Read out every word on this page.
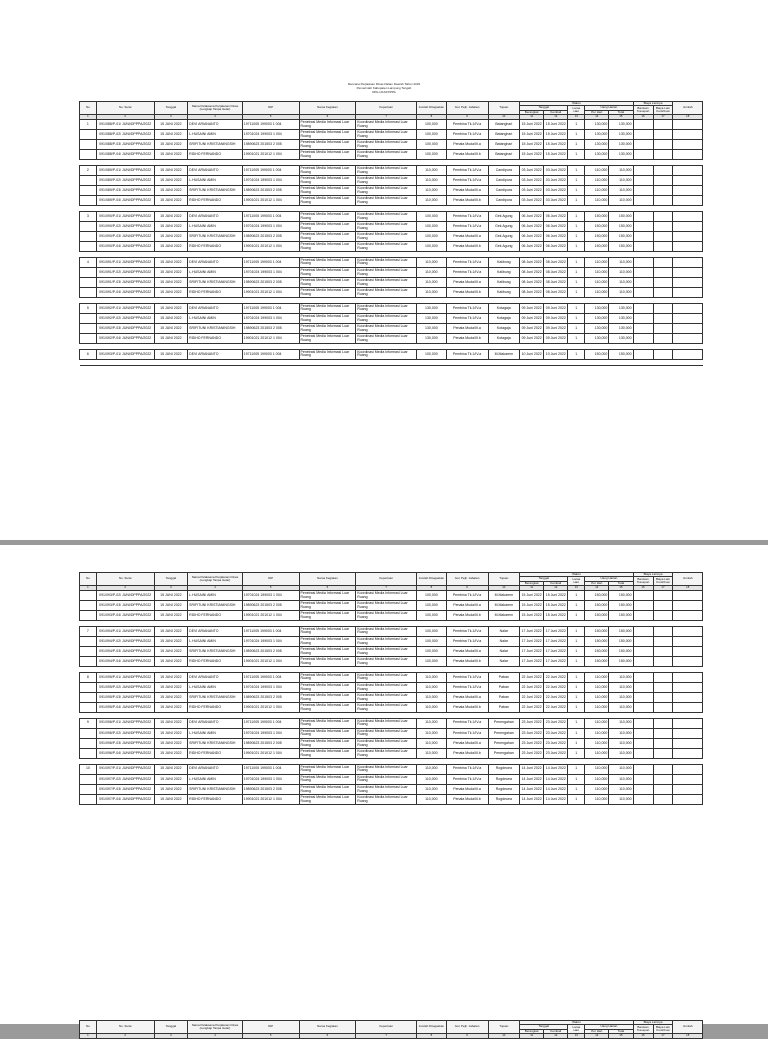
Rencana Perjalanan Dinas Dalam Daerah Tahun 2022
Pemerintah Kabupaten Lampung Tengah
DPA-1/KAPJ/PPA
No	No. Surat	Tanggal	Nama Pelaksana Perjalanan Dinas (Lengkap Tanpa Gelar)	NIP	Nama Kegiatan	Keperluan	Jumlah Ditugaskan	Gol. Pejb. Jabatan	Tujuan	Waktu					Biaya Lainnya		Jumlah
										Tanggal		Lama Hari	Uang Harian		Bantuan Transport	Biaya Lain Kontribusi	
										Berangkat	Kembali		Per Hari	Total			
1	2	3	4	5	6	7	8	9	10	11	12	13	14	15	16	17	18
1	091/088/P-01/ JUNI/DPPPA/2022	15 JUNI 2022	DEVI ARIANANTO	19711005 199003 1 004	Penetrasi Media Informasi Luar Ruang	Koordinasi Media Informasi Luar Ruang	100,000	Pembina Tk.1/IV.a	Batanghari	15 Juni 2022	15 Juni 2022	1	130,000	130,000			
	091/088/P-02/ JUNI/DPPPA/2022	15 JUNI 2022	L.HUSAINI AMIN	19701024 199003 1 004	Penetrasi Media Informasi Luar Ruang	Koordinasi Media Informasi Luar Ruang	100,000	Pembina Tk.1/IV.a	Batanghari	15 Juni 2022	15 Juni 2022	1	130,000	130,000			
	091/088/P-03/ JUNI/DPPPA/2022	15 JUNI 2022	SRIFITUNI KRISTIANINGSIH	19890623 201503 2 005	Penetrasi Media Informasi Luar Ruang	Koordinasi Media Informasi Luar Ruang	100,000	Penata Muda/III.a	Batanghari	15 Juni 2022	15 Juni 2022	1	130,000	130,000			
	091/088/P-04/ JUNI/DPPPA/2022	15 JUNI 2022	RIDHO FERNANDO	19901021 201012 1 004	Penetrasi Media Informasi Luar Ruang	Koordinasi Media Informasi Luar Ruang	100,000	Penata Muda/III.b	Batanghari	15 Juni 2022	15 Juni 2022	1	130,000	130,000			

2	091/089/P-01/ JUNI/DPPPA/2022	15 JUNI 2022	DEVI ARIANANTO	19711005 199003 1 004	Penetrasi Media Informasi Luar Ruang	Koordinasi Media Informasi Luar Ruang	110,000	Pembina Tk.1/IV.a	Candipura	03 Juni 2022	03 Juni 2022	1	110,000	110,000			
	091/089/P-02/ JUNI/DPPPA/2022	15 JUNI 2022	L.HUSAINI AMIN	19701024 199003 1 004	Penetrasi Media Informasi Luar Ruang	Koordinasi Media Informasi Luar Ruang	110,000	Pembina Tk.1/IV.a	Candipura	03 Juni 2022	03 Juni 2022	1	110,000	110,000			
	091/089/P-03/ JUNI/DPPPA/2022	15 JUNI 2022	SRIFITUNI KRISTIANINGSIH	19890623 201503 2 005	Penetrasi Media Informasi Luar Ruang	Koordinasi Media Informasi Luar Ruang	110,000	Penata Muda/III.a	Candipura	03 Juni 2022	03 Juni 2022	1	110,000	110,000			
	091/089/P-04/ JUNI/DPPPA/2022	15 JUNI 2022	RIDHO FERNANDO	19901021 201012 1 004	Penetrasi Media Informasi Luar Ruang	Koordinasi Media Informasi Luar Ruang	110,000	Penata Muda/III.b	Candipura	03 Juni 2022	03 Juni 2022	1	110,000	110,000			

3	091/090/P-01/ JUNI/DPPPA/2022	15 JUNI 2022	DEVI ARIANANTO	19711005 199003 1 004	Penetrasi Media Informasi Luar Ruang	Koordinasi Media Informasi Luar Ruang	100,000	Pembina Tk.1/IV.a	Gek Agung	06 Juni 2022	06 Juni 2022	1	150,000	150,000			
	091/090/P-02/ JUNI/DPPPA/2022	15 JUNI 2022	L.HUSAINI AMIN	19701024 199003 1 004	Penetrasi Media Informasi Luar Ruang	Koordinasi Media Informasi Luar Ruang	100,000	Pembina Tk.1/IV.a	Gek Agung	06 Juni 2022	06 Juni 2022	1	150,000	150,000			
	091/090/P-03/ JUNI/DPPPA/2022	15 JUNI 2022	SRIFITUNI KRISTIANINGSIH	19890623 201503 2 005	Penetrasi Media Informasi Luar Ruang	Koordinasi Media Informasi Luar Ruang	100,000	Penata Muda/III.a	Gek Agung	06 Juni 2022	06 Juni 2022	1	150,000	150,000			
	091/090/P-04/ JUNI/DPPPA/2022	15 JUNI 2022	RIDHO FERNANDO	19901021 201012 1 004	Penetrasi Media Informasi Luar Ruang	Koordinasi Media Informasi Luar Ruang	100,000	Penata Muda/III.b	Gek Agung	06 Juni 2022	06 Juni 2022	1	150,000	150,000			

4	091/091/P-01/ JUNI/DPPPA/2022	15 JUNI 2022	DEVI ARIANANTO	19711005 199003 1 004	Penetrasi Media Informasi Luar Ruang	Koordinasi Media Informasi Luar Ruang	110,000	Pembina Tk.1/IV.a	Kalibung	08 Juni 2022	08 Juni 2022	1	110,000	110,000			
	091/091/P-02/ JUNI/DPPPA/2022	15 JUNI 2022	L.HUSAINI AMIN	19701024 199003 1 004	Penetrasi Media Informasi Luar Ruang	Koordinasi Media Informasi Luar Ruang	110,000	Pembina Tk.1/IV.a	Kalibung	08 Juni 2022	08 Juni 2022	1	110,000	110,000			
	091/091/P-03/ JUNI/DPPPA/2022	15 JUNI 2022	SRIFITUNI KRISTIANINGSIH	19890623 201503 2 005	Penetrasi Media Informasi Luar Ruang	Koordinasi Media Informasi Luar Ruang	110,000	Penata Muda/III.a	Kalibung	08 Juni 2022	08 Juni 2022	1	110,000	110,000			
	091/091/P-04/ JUNI/DPPPA/2022	15 JUNI 2022	RIDHO FERNANDO	19901021 201012 1 004	Penetrasi Media Informasi Luar Ruang	Koordinasi Media Informasi Luar Ruang	110,000	Penata Muda/III.b	Kalibung	08 Juni 2022	08 Juni 2022	1	110,000	110,000			

5	091/092/P-01/ JUNI/DPPPA/2022	15 JUNI 2022	DEVI ARIANANTO	19711005 199003 1 004	Penetrasi Media Informasi Luar Ruang	Koordinasi Media Informasi Luar Ruang	130,000	Pembina Tk.1/IV.a	Kotagaja	09 Juni 2022	09 Juni 2022	1	130,000	130,000			
	091/092/P-02/ JUNI/DPPPA/2022	15 JUNI 2022	L.HUSAINI AMIN	19701024 199003 1 004	Penetrasi Media Informasi Luar Ruang	Koordinasi Media Informasi Luar Ruang	130,000	Pembina Tk.1/IV.a	Kotagaja	09 Juni 2022	09 Juni 2022	1	130,000	130,000			
	091/092/P-03/ JUNI/DPPPA/2022	15 JUNI 2022	SRIFITUNI KRISTIANINGSIH	19890623 201503 2 005	Penetrasi Media Informasi Luar Ruang	Koordinasi Media Informasi Luar Ruang	130,000	Penata Muda/III.a	Kotagaja	09 Juni 2022	09 Juni 2022	1	130,000	130,000			
	091/092/P-04/ JUNI/DPPPA/2022	15 JUNI 2022	RIDHO FERNANDO	19901021 201012 1 004	Penetrasi Media Informasi Luar Ruang	Koordinasi Media Informasi Luar Ruang	130,000	Penata Muda/III.b	Kotagaja	09 Juni 2022	09 Juni 2022	1	130,000	130,000			

6	091/093/P-01/ JUNI/DPPPA/2022	15 JUNI 2022	DEVI ARIANANTO	19711005 199003 1 004	Penetrasi Media Informasi Luar Ruang	Koordinasi Media Informasi Luar Ruang	100,000	Pembina Tk.1/IV.a	M.Makarem	10 Juni 2022	10 Juni 2022	1	150,000	150,000			

No	No. Surat	Tanggal	Nama Pelaksana Perjalanan Dinas (Lengkap Tanpa Gelar)	NIP	Nama Kegiatan	Keperluan	Jumlah Ditugaskan	Gol. Pejb. Jabatan	Tujuan	Waktu					Biaya Lainnya		Jumlah
										Tanggal		Lama Hari	Uang Harian		Bantuan Transport	Biaya Lain Kontribusi	
										Berangkat	Kembali		Per Hari	Total			
1	2	3	4	5	6	7	8	9	10	11	12	13	14	15	16	17	18
	091/093/P-02/ JUNI/DPPPA/2022	15 JUNI 2022	L.HUSAINI AMIN	19701024 199003 1 004	Penetrasi Media Informasi Luar Ruang	Koordinasi Media Informasi Luar Ruang	100,000	Pembina Tk.1/IV.a	M.Makarem	15 Juni 2022	15 Juni 2022	1	150,000	150,000			
	091/093/P-03/ JUNI/DPPPA/2022	15 JUNI 2022	SRIFITUNI KRISTIANINGSIH	19890623 201503 2 005	Penetrasi Media Informasi Luar Ruang	Koordinasi Media Informasi Luar Ruang	100,000	Penata Muda/III.a	M.Makarem	15 Juni 2022	15 Juni 2022	1	150,000	150,000			
	091/093/P-04/ JUNI/DPPPA/2022	15 JUNI 2022	RIDHO FERNANDO	19901021 201012 1 004	Penetrasi Media Informasi Luar Ruang	Koordinasi Media Informasi Luar Ruang	100,000	Penata Muda/III.b	M.Makarem	15 Juni 2022	15 Juni 2022	1	150,000	150,000			

7	091/094/P-01/ JUNI/DPPPA/2022	15 JUNI 2022	DEVI ARIANANTO	19711005 199003 1 004	Penetrasi Media Informasi Luar Ruang	Koordinasi Media Informasi Luar Ruang	100,000	Pembina Tk.1/IV.a	Nalar	17 Juni 2022	17 Juni 2022	1	150,000	150,000			
	091/094/P-02/ JUNI/DPPPA/2022	15 JUNI 2022	L.HUSAINI AMIN	19701024 199003 1 004	Penetrasi Media Informasi Luar Ruang	Koordinasi Media Informasi Luar Ruang	100,000	Pembina Tk.1/IV.a	Nalar	17 Juni 2022	17 Juni 2022	1	150,000	150,000			
	091/094/P-03/ JUNI/DPPPA/2022	15 JUNI 2022	SRIFITUNI KRISTIANINGSIH	19890623 201503 2 005	Penetrasi Media Informasi Luar Ruang	Koordinasi Media Informasi Luar Ruang	100,000	Penata Muda/III.a	Nalar	17 Juni 2022	17 Juni 2022	1	150,000	150,000			
	091/094/P-04/ JUNI/DPPPA/2022	15 JUNI 2022	RIDHO FERNANDO	19901021 201012 1 004	Penetrasi Media Informasi Luar Ruang	Koordinasi Media Informasi Luar Ruang	100,000	Penata Muda/III.b	Nalar	17 Juni 2022	17 Juni 2022	1	150,000	150,000			

8	091/095/P-01/ JUNI/DPPPA/2022	15 JUNI 2022	DEVI ARIANANTO	19711005 199003 1 004	Penetrasi Media Informasi Luar Ruang	Koordinasi Media Informasi Luar Ruang	110,000	Pembina Tk.1/IV.a	Paban	22 Juni 2022	22 Juni 2022	1	110,000	110,000			
	091/095/P-02/ JUNI/DPPPA/2022	15 JUNI 2022	L.HUSAINI AMIN	19701024 199003 1 004	Penetrasi Media Informasi Luar Ruang	Koordinasi Media Informasi Luar Ruang	110,000	Pembina Tk.1/IV.a	Paban	22 Juni 2022	22 Juni 2022	1	110,000	110,000			
	091/095/P-03/ JUNI/DPPPA/2022	15 JUNI 2022	SRIFITUNI KRISTIANINGSIH	19890623 201503 2 005	Penetrasi Media Informasi Luar Ruang	Koordinasi Media Informasi Luar Ruang	110,000	Penata Muda/III.a	Paban	22 Juni 2022	22 Juni 2022	1	110,000	110,000			
	091/095/P-04/ JUNI/DPPPA/2022	15 JUNI 2022	RIDHO FERNANDO	19901021 201012 1 004	Penetrasi Media Informasi Luar Ruang	Koordinasi Media Informasi Luar Ruang	110,000	Penata Muda/III.b	Paban	22 Juni 2022	22 Juni 2022	1	110,000	110,000			

9	091/096/P-01/ JUNI/DPPPA/2022	15 JUNI 2022	DEVI ARIANANTO	19711005 199003 1 004	Penetrasi Media Informasi Luar Ruang	Koordinasi Media Informasi Luar Ruang	110,000	Pembina Tk.1/IV.a	Penengahan	23 Juni 2022	23 Juni 2022	1	110,000	110,000			
	091/096/P-02/ JUNI/DPPPA/2022	15 JUNI 2022	L.HUSAINI AMIN	19701024 199003 1 004	Penetrasi Media Informasi Luar Ruang	Koordinasi Media Informasi Luar Ruang	110,000	Pembina Tk.1/IV.a	Penengahan	23 Juni 2022	23 Juni 2022	1	110,000	110,000			
	091/096/P-03/ JUNI/DPPPA/2022	15 JUNI 2022	SRIFITUNI KRISTIANINGSIH	19890623 201503 2 005	Penetrasi Media Informasi Luar Ruang	Koordinasi Media Informasi Luar Ruang	110,000	Penata Muda/III.a	Penengahan	23 Juni 2022	23 Juni 2022	1	110,000	110,000			
	091/096/P-04/ JUNI/DPPPA/2022	15 JUNI 2022	RIDHO FERNANDO	19901021 201012 1 004	Penetrasi Media Informasi Luar Ruang	Koordinasi Media Informasi Luar Ruang	110,000	Penata Muda/III.b	Penengahan	23 Juni 2022	23 Juni 2022	1	110,000	110,000			

10	091/097/P-01/ JUNI/DPPPA/2022	15 JUNI 2022	DEVI ARIANANTO	19711005 199003 1 004	Penetrasi Media Informasi Luar Ruang	Koordinasi Media Informasi Luar Ruang	110,000	Pembina Tk.1/IV.a	Rogdeuea	14 Juni 2022	14 Juni 2022	1	110,000	110,000			
	091/097/P-02/ JUNI/DPPPA/2022	15 JUNI 2022	L.HUSAINI AMIN	19701024 199003 1 004	Penetrasi Media Informasi Luar Ruang	Koordinasi Media Informasi Luar Ruang	110,000	Pembina Tk.1/IV.a	Rogdeuea	14 Juni 2022	14 Juni 2022	1	110,000	110,000			
	091/097/P-03/ JUNI/DPPPA/2022	15 JUNI 2022	SRIFITUNI KRISTIANINGSIH	19890623 201503 2 005	Penetrasi Media Informasi Luar Ruang	Koordinasi Media Informasi Luar Ruang	110,000	Penata Muda/III.a	Rogdeuea	14 Juni 2022	14 Juni 2022	1	110,000	110,000			
	091/097/P-04/ JUNI/DPPPA/2022	15 JUNI 2022	RIDHO FERNANDO	19901021 201012 1 004	Penetrasi Media Informasi Luar Ruang	Koordinasi Media Informasi Luar Ruang	110,000	Penata Muda/III.b	Rogdeuea	14 Juni 2022	14 Juni 2022	1	110,000	110,000			
No	No. Surat	Tanggal	Nama Pelaksana Perjalanan Dinas (Lengkap Tanpa Gelar)	NIP	Nama Kegiatan	Keperluan	Jumlah Ditugaskan	Gol. Pejb. Jabatan	Tujuan	Waktu					Biaya Lainnya		Jumlah
										Tanggal		Lama Hari	Uang Harian		Bantuan Transport	Biaya Lain Kontribusi	
										Berangkat	Kembali		Per Hari	Total			
1	2	3	4	5	6	7	8	9	10	11	12	13	14	15	16	17	18
